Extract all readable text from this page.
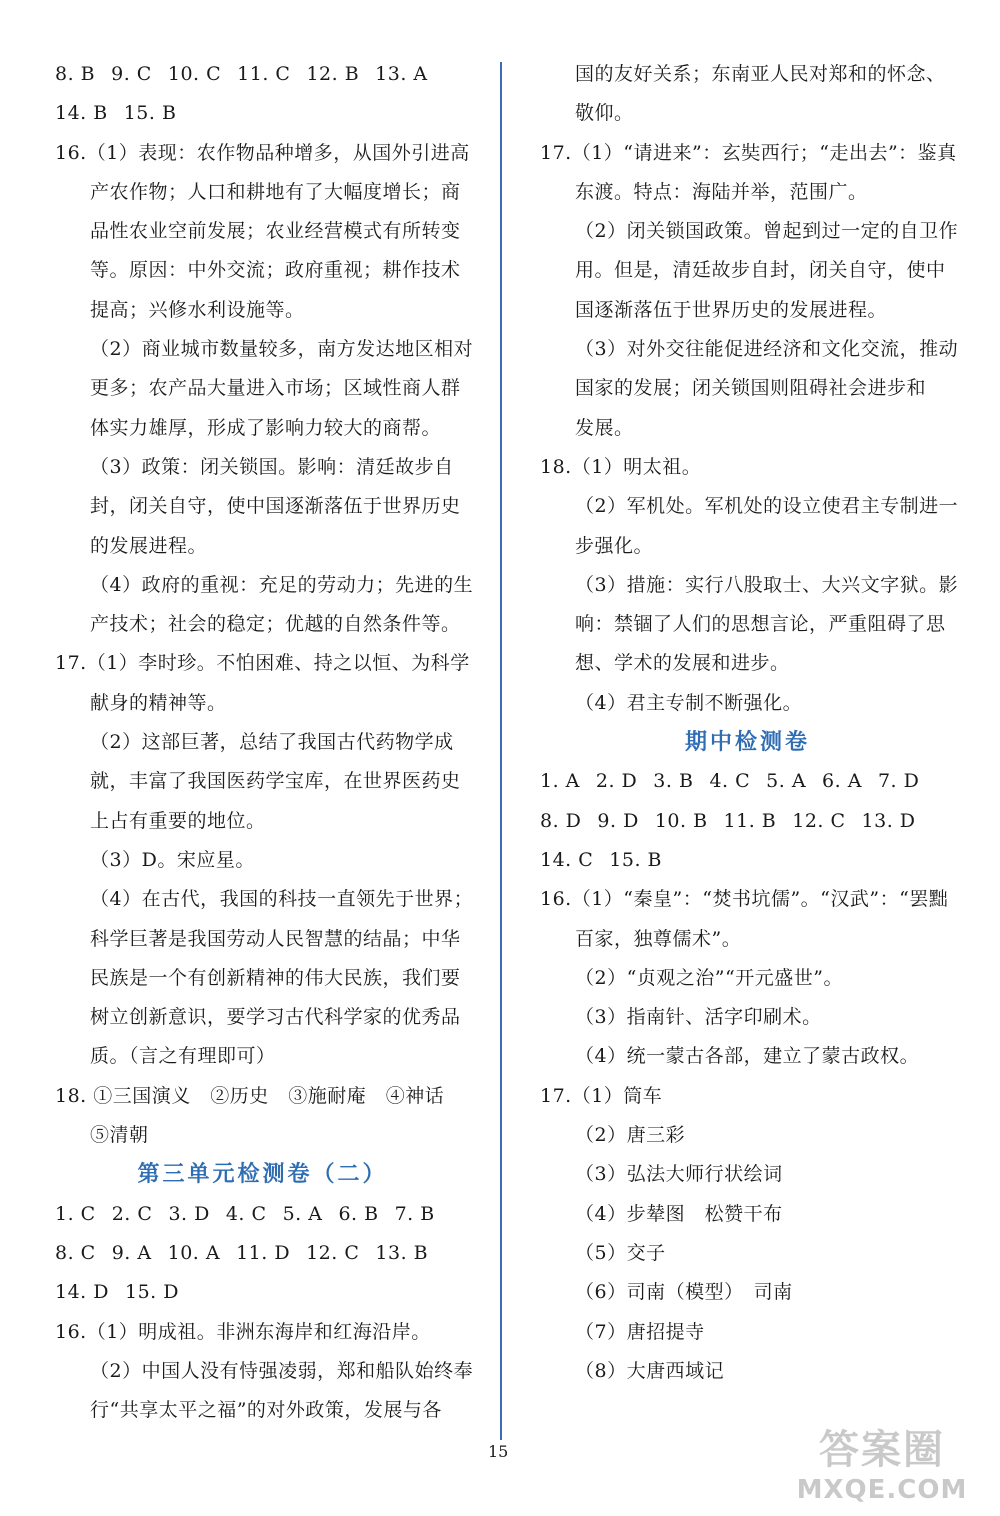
8. B 9. C 10. C 11. C 12. B 13. A
14. B 15. B
16.（1）表现：农作物品种增多，从国外引进高
产农作物；人口和耕地有了大幅度增长；商
品性农业空前发展；农业经营模式有所转变
等。原因：中外交流；政府重视；耕作技术
提高；兴修水利设施等。
（2）商业城市数量较多，南方发达地区相对
更多；农产品大量进入市场；区域性商人群
体实力雄厚，形成了影响力较大的商帮。
（3）政策：闭关锁国。影响：清廷故步自
封，闭关自守，使中国逐渐落伍于世界历史
的发展进程。
（4）政府的重视：充足的劳动力；先进的生
产技术；社会的稳定；优越的自然条件等。
17.（1）李时珍。不怕困难、持之以恒、为科学
献身的精神等。
（2）这部巨著，总结了我国古代药物学成
就，丰富了我国医药学宝库，在世界医药史
上占有重要的地位。
（3）D。宋应星。
（4）在古代，我国的科技一直领先于世界；
科学巨著是我国劳动人民智慧的结晶；中华
民族是一个有创新精神的伟大民族，我们要
树立创新意识，要学习古代科学家的优秀品
质。（言之有理即可）
18. ①三国演义　②历史　③施耐庵　④神话
⑤清朝
第三单元检测卷（二）
1. C 2. C 3. D 4. C 5. A 6. B 7. B
8. C 9. A 10. A 11. D 12. C 13. B
14. D 15. D
16.（1）明成祖。非洲东海岸和红海沿岸。
（2）中国人没有恃强凌弱，郑和船队始终奉
行“共享太平之福”的对外政策，发展与各
国的友好关系；东南亚人民对郑和的怀念、
敬仰。
17.（1）“请进来”：玄奘西行；“走出去”：鉴真
东渡。特点：海陆并举，范围广。
（2）闭关锁国政策。曾起到过一定的自卫作
用。但是，清廷故步自封，闭关自守，使中
国逐渐落伍于世界历史的发展进程。
（3）对外交往能促进经济和文化交流，推动
国家的发展；闭关锁国则阻碍社会进步和
发展。
18.（1）明太祖。
（2）军机处。军机处的设立使君主专制进一
步强化。
（3）措施：实行八股取士、大兴文字狱。影
响：禁锢了人们的思想言论，严重阻碍了思
想、学术的发展和进步。
（4）君主专制不断强化。
期中检测卷
1. A 2. D 3. B 4. C 5. A 6. A 7. D
8. D 9. D 10. B 11. B 12. C 13. D
14. C 15. B
16.（1）“秦皇”：“焚书坑儒”。“汉武”：“罢黜
百家，独尊儒术”。
（2）“贞观之治”“开元盛世”。
（3）指南针、活字印刷术。
（4）统一蒙古各部，建立了蒙古政权。
17.（1）筒车
（2）唐三彩
（3）弘法大师行状绘词
（4）步辇图　松赞干布
（5）交子
（6）司南（模型）　司南
（7）唐招提寺
（8）大唐西域记
15	答案圈
MXQE.COM
